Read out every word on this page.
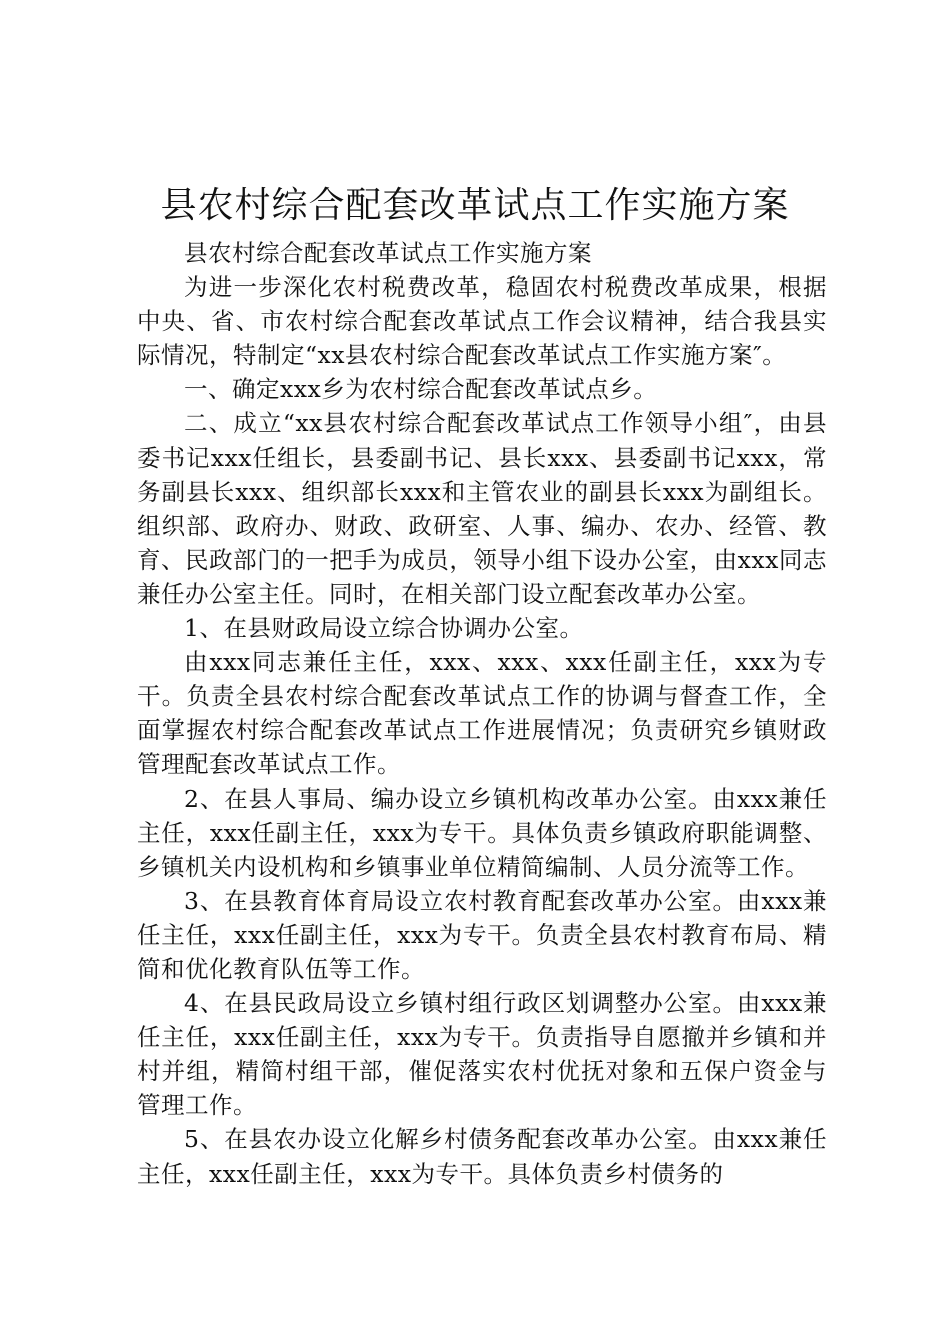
县农村综合配套改革试点工作实施方案

县农村综合配套改革试点工作实施方案

为进一步深化农村税费改革，稳固农村税费改革成果，根据中央、省、市农村综合配套改革试点工作会议精神，结合我县实际情况，特制定“xx县农村综合配套改革试点工作实施方案″。

一、确定xxx乡为农村综合配套改革试点乡。

二、成立“xx县农村综合配套改革试点工作领导小组″，由县委书记xxx任组长，县委副书记、县长xxx、县委副书记xxx，常务副县长xxx、组织部长xxx和主管农业的副县长xxx为副组长。组织部、政府办、财政、政研室、人事、编办、农办、经管、教育、民政部门的一把手为成员，领导小组下设办公室，由xxx同志兼任办公室主任。同时，在相关部门设立配套改革办公室。

1、在县财政局设立综合协调办公室。

由xxx同志兼任主任，xxx、xxx、xxx任副主任，xxx为专干。负责全县农村综合配套改革试点工作的协调与督查工作，全面掌握农村综合配套改革试点工作进展情况；负责研究乡镇财政管理配套改革试点工作。

2、在县人事局、编办设立乡镇机构改革办公室。由xxx兼任主任，xxx任副主任，xxx为专干。具体负责乡镇政府职能调整、乡镇机关内设机构和乡镇事业单位精简编制、人员分流等工作。

3、在县教育体育局设立农村教育配套改革办公室。由xxx兼任主任，xxx任副主任，xxx为专干。负责全县农村教育布局、精简和优化教育队伍等工作。

4、在县民政局设立乡镇村组行政区划调整办公室。由xxx兼任主任，xxx任副主任，xxx为专干。负责指导自愿撤并乡镇和并村并组，精简村组干部，催促落实农村优抚对象和五保户资金与管理工作。

5、在县农办设立化解乡村债务配套改革办公室。由xxx兼任主任，xxx任副主任，xxx为专干。具体负责乡村债务的
